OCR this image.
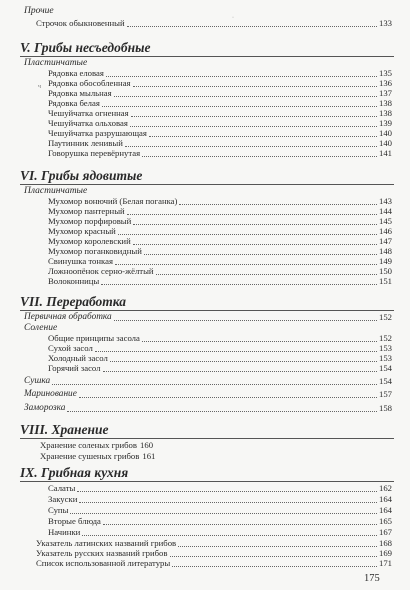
Прочие
Строчок обыкновенный	133
·
V. Грибы несъедобные
Пластинчатые
Рядовка еловая	135
Рядовка обособленная	136
Рядовка мыльная	137
Рядовка белая	138
Чешуйчатка огненная	138
Чешуйчатка ольховая	139
Чешуйчатка разрушающая	140
Паутинник ленивый	140
Говорушка перевёрнутая	141
ч
VI. Грибы ядовитые
Пластинчатые
Мухомор вонючий (Белая поганка)	143
Мухомор пантерный	144
Мухомор порфировый	145
Мухомор красный	146
Мухомор королевский	147
Мухомор поганковидный	148
Свинушка тонкая	149
Ложноопёнок серно-жёлтый	150
Волоконницы	151
VII. Переработка
Первичная обработка	152
Соление
Общие принципы засола	152
Сухой засол	153
Холодный засол	153
Горячий засол	154
Сушка	154
Маринование	157
Заморозка	158
VIII. Хранение
Хранение соленых грибов 160
Хранение сушеных грибов 161
IX. Грибная кухня
Салаты	162
Закуски	164
Супы	164
Вторые блюда	165
Начинки	167
Указатель латинских названий грибов	168
Указатель русских названий грибов	169
Список использованной литературы	171
175
